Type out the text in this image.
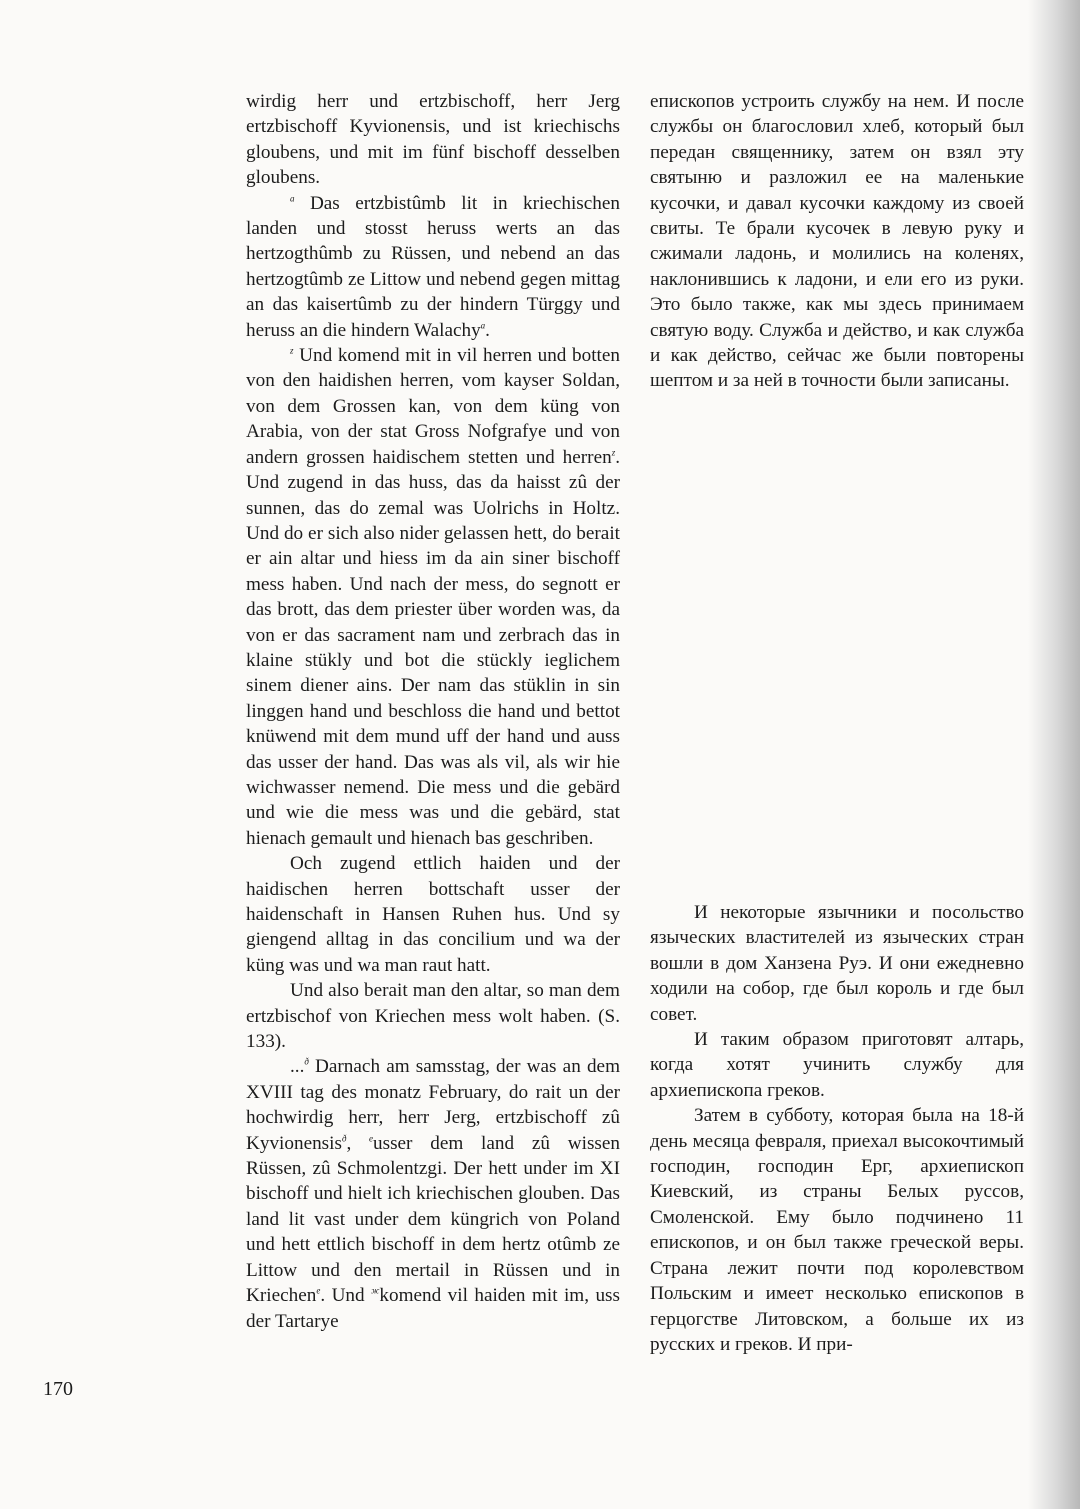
wirdig herr und ertzbischoff, herr Jerg ertzbischoff Kyvionensis, und ist kriechischs gloubens, und mit im fünf bischoff desselben gloubens.

$^a$ Das ertzbistûmb lit in kriechischen landen und stosst heruss werts an das hertzogthûmb zu Rüssen, und nebend an das hertzogtûmb ze Littow und nebend gegen mittag an das kaisertûmb zu der hindern Türggy und heruss an die hindern Walachy$^a$.

$^z$ Und komend mit in vil herren und botten von den haidishen herren, vom kayser Soldan, von dem Grossen kan, von dem küng von Arabia, von der stat Gross Nofgrafye und von andern grossen haidischem stetten und herren$^z$. Und zugend in das huss, das da haisst zû der sunnen, das do zemal was Uolrichs in Holtz. Und do er sich also nider gelassen hett, do berait er ain altar und hiess im da ain siner bischoff mess haben. Und nach der mess, do segnott er das brott, das dem priester über worden was, da von er das sacrament nam und zerbrach das in klaine stükly und bot die stückly ieglichem sinem diener ains. Der nam das stüklin in sin linggen hand und beschloss die hand und bettot knüwend mit dem mund uff der hand und auss das usser der hand. Das was als vil, als wir hie wichwasser nemend. Die mess und die gebärd und wie die mess was und die gebärd, stat hienach gemault und hienach bas geschriben.

Och zugend ettlich haiden und der haidischen herren bottschaft usser der haidenschaft in Hansen Ruhen hus. Und sy giengend alltag in das concilium und wa der küng was und wa man raut hatt.

Und also berait man den altar, so man dem ertzbischof von Kriechen mess wolt haben. (S. 133).

...$^ð$ Darnach am samsstag, der was an dem XVIII tag des monatz February, do rait un der hochwirdig herr, herr Jerg, ertzbischoff zû Kyvionensis$^ð$, $^e$usser dem land zû wissen Rüssen, zû Schmolentzgi. Der hett under im XI bischoff und hielt ich kriechischen glouben. Das land lit vast under dem küngrich von Poland und hett ettlich bischoff in dem hertz otûmb ze Littow und den mertail in Rüssen und in Kriechen$^e$. Und $^ж$komend vil haiden mit im, uss der Tartarye

епископов устроить службу на нем. И после службы он благословил хлеб, который был передан священнику, затем он взял эту святыню и разложил ее на маленькие кусочки, и давал кусочки каждому из своей свиты. Те брали кусочек в левую руку и сжимали ладонь, и молились на коленях, наклонившись к ладони, и ели его из руки. Это было также, как мы здесь принимаем святую воду. Служба и действо, и как служба и как действо, сейчас же были повторены шептом и за ней в точности были записаны.

И некоторые язычники и посольство языческих властителей из языческих стран вошли в дом Ханзена Руэ. И они ежедневно ходили на собор, где был король и где был совет.

И таким образом приготовят алтарь, когда хотят учинить службу для архиепископа греков.

Затем в субботу, которая была на 18-й день месяца февраля, приехал высокочтимый господин, господин Ерг, архиепископ Киевский, из страны Белых руссов, Смоленской. Ему было подчинено 11 епископов, и он был также греческой веры. Страна лежит почти под королевством Польским и имеет несколько епископов в герцогстве Литовском, а больше их из русских и греков. И при-

170
